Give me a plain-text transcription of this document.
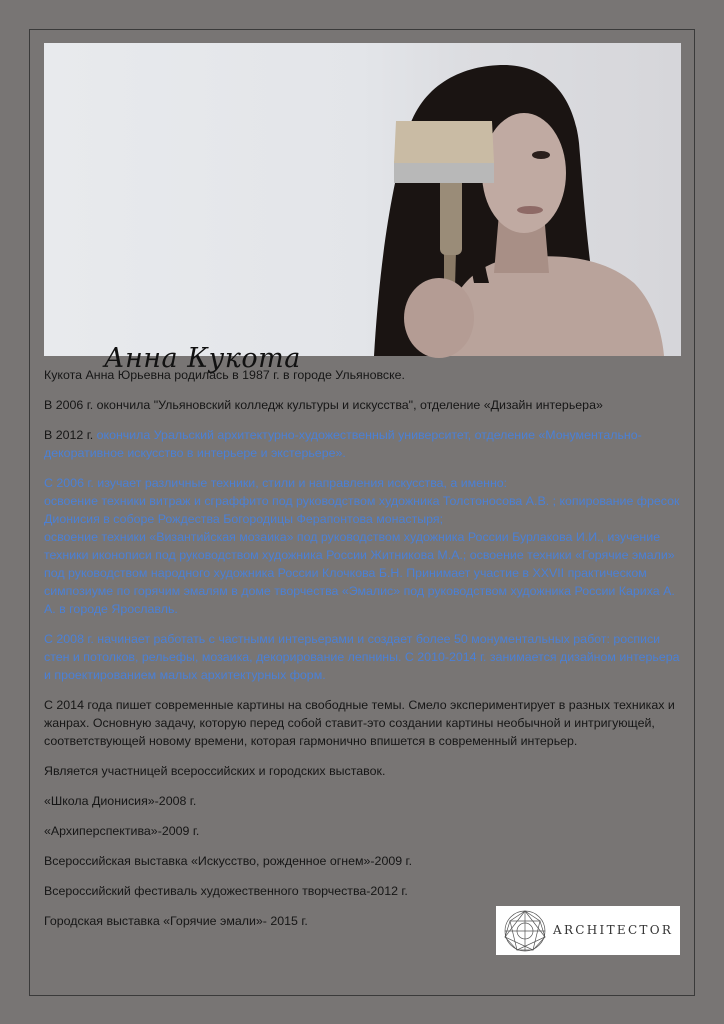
Анна Кукота

Кукота Анна Юрьевна родилась в 1987 г. в городе Ульяновске.

В 2006 г. окончила "Ульяновский колледж культуры и искусства", отделение «Дизайн интерьера»

В 2012 г. окончила Уральский архитектурно-художественный университет, отделение «Монументально-декоративное искусство в интерьере и экстерьере».

С 2006 г. изучает различные техники, стили и направления искусства, а именно:
освоение техники витраж и сграффито под руководством художника Толстоносова А.В. ; копирование фресок Дионисия в соборе Рождества Богородицы Ферапонтова монастыря;
освоение техники «Византийская мозаика» под руководством художника России Бурлакова И.И., изучение техники иконописи под руководством художника России Житникова М.А.; освоение техники «Горячие эмали» под руководством народного художника России Клочкова Б.Н. Принимает участие в XXVII практическом симпозиуме по горячим эмалям в доме творчества «Эмалис» под руководством художника России Кариха А. А. в городе Ярославль.

С 2008 г. начинает работать с частными интерьерами и создает более 50 монументальных работ: росписи стен и потолков, рельефы, мозаика, декорирование лепнины. С 2010-2014 г. занимается дизайном интерьера и проектированием малых архитектурных форм.

С 2014 года пишет современные картины на свободные темы. Смело экспериментирует в разных техниках и жанрах. Основную задачу, которую перед собой ставит-это создании картины необычной и интригующей, соответствующей новому времени, которая гармонично впишется в современный интерьер.

Является участницей всероссийских и городских выставок.

«Школа Дионисия»-2008 г.

«Архиперспектива»-2009 г.

Всероссийская выставка «Искусство, рожденное огнем»-2009 г.

Всероссийский фестиваль художественного творчества-2012 г.

Городская выставка «Горячие эмали»- 2015 г.

ARCHITECTOR
